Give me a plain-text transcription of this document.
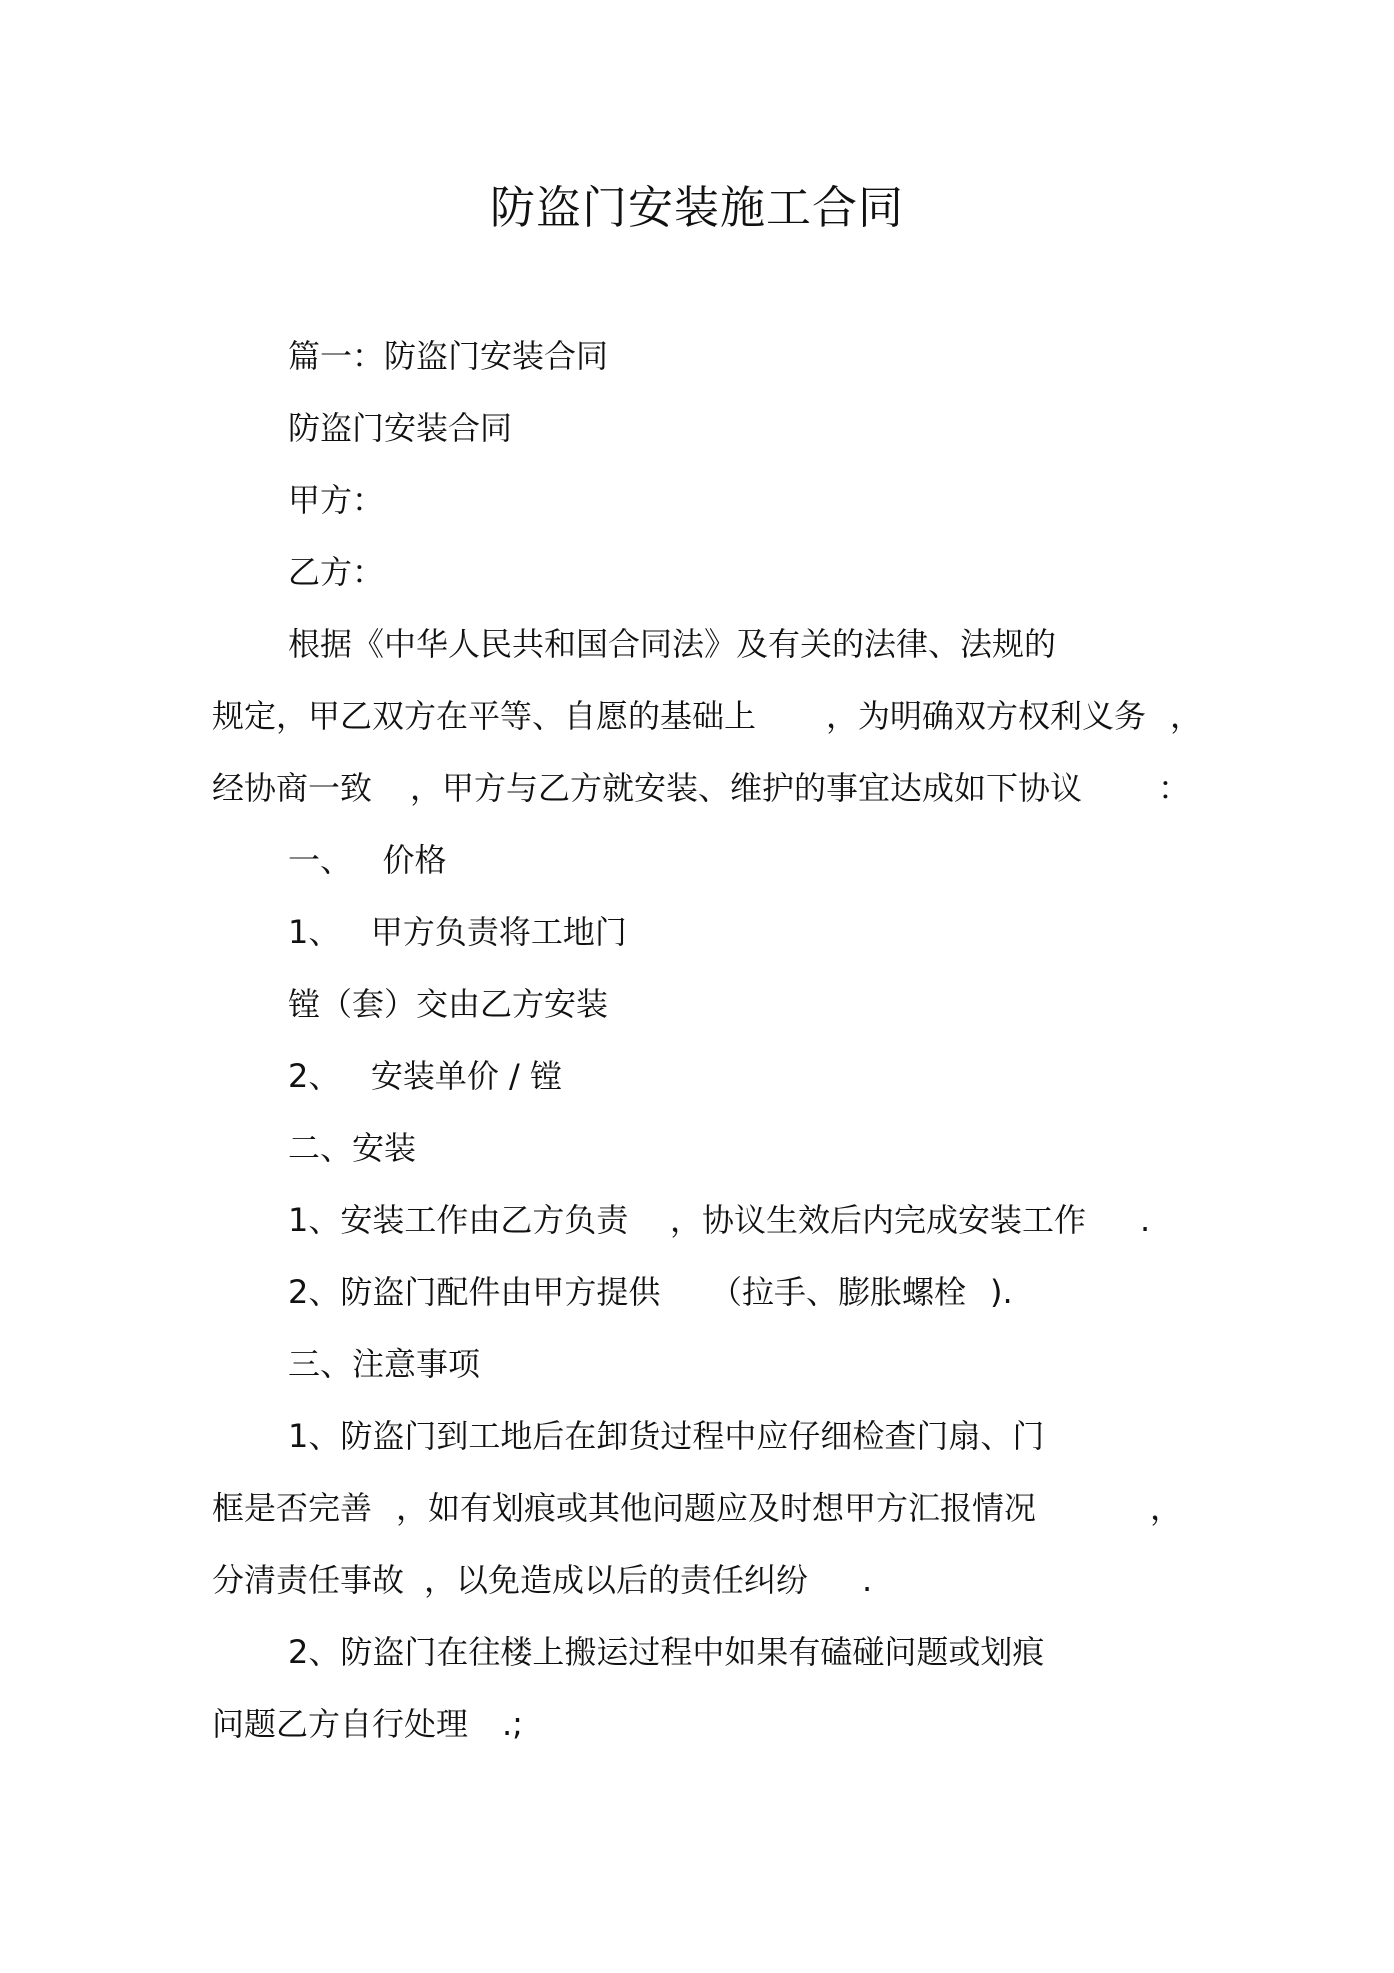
防盗门安装施工合同

篇一：防盗门安装合同

防盗门安装合同

甲方：

乙方：

根据《中华人民共和国合同法》及有关的法律、法规的

规定，甲乙双方在平等、自愿的基础上 ，为明确双方权利义务 ，

经协商一致 ，甲方与乙方就安装、维护的事宜达成如下协议 ：

一、   价格

1、   甲方负责将工地门

镗（套）交由乙方安装

2、   安装单价 / 镗

二、安装

1、安装工作由乙方负责 ，协议生效后内完成安装工作 .

2、防盗门配件由甲方提供 （拉手、膨胀螺栓 ).

三、注意事项

1、防盗门到工地后在卸货过程中应仔细检查门扇、门

框是否完善 ，如有划痕或其他问题应及时想甲方汇报情况	，

分清责任事故 ，以免造成以后的责任纠纷 .

2、防盗门在往楼上搬运过程中如果有磕碰问题或划痕

问题乙方自行处理 .;
